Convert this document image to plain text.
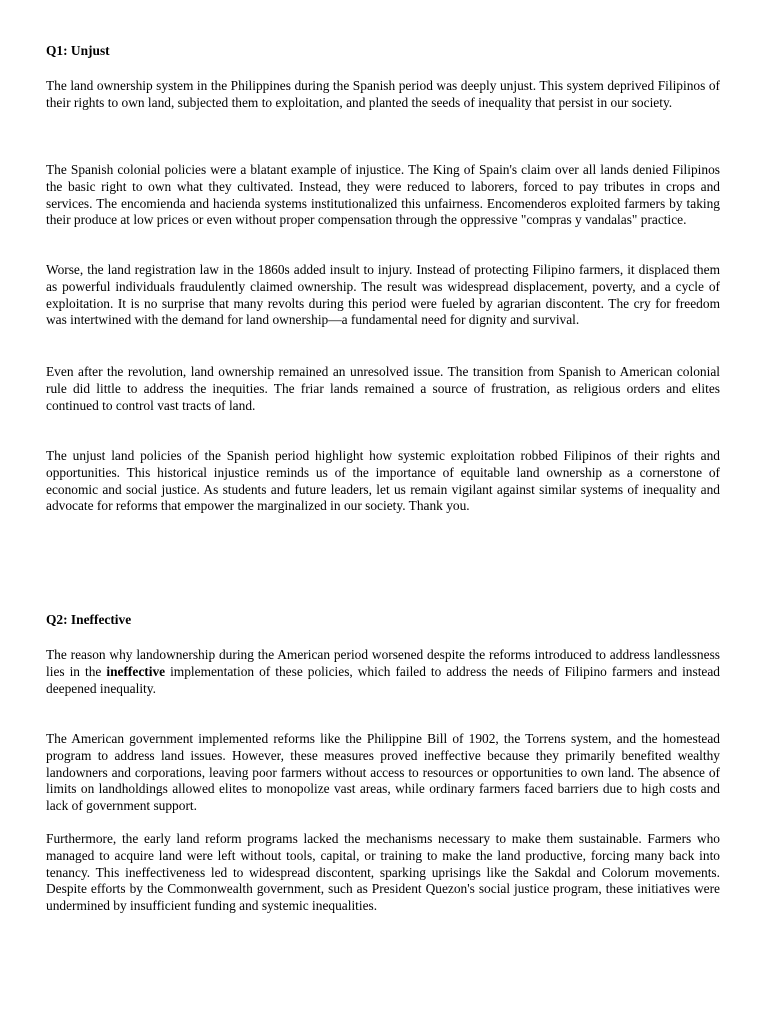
Q1: Unjust

The land ownership system in the Philippines during the Spanish period was deeply unjust. This system deprived Filipinos of their rights to own land, subjected them to exploitation, and planted the seeds of inequality that persist in our society.

The Spanish colonial policies were a blatant example of injustice. The King of Spain's claim over all lands denied Filipinos the basic right to own what they cultivated. Instead, they were reduced to laborers, forced to pay tributes in crops and services. The encomienda and hacienda systems institutionalized this unfairness. Encomenderos exploited farmers by taking their produce at low prices or even without proper compensation through the oppressive "compras y vandalas" practice.

Worse, the land registration law in the 1860s added insult to injury. Instead of protecting Filipino farmers, it displaced them as powerful individuals fraudulently claimed ownership. The result was widespread displacement, poverty, and a cycle of exploitation. It is no surprise that many revolts during this period were fueled by agrarian discontent. The cry for freedom was intertwined with the demand for land ownership—a fundamental need for dignity and survival.

Even after the revolution, land ownership remained an unresolved issue. The transition from Spanish to American colonial rule did little to address the inequities. The friar lands remained a source of frustration, as religious orders and elites continued to control vast tracts of land.

The unjust land policies of the Spanish period highlight how systemic exploitation robbed Filipinos of their rights and opportunities. This historical injustice reminds us of the importance of equitable land ownership as a cornerstone of economic and social justice. As students and future leaders, let us remain vigilant against similar systems of inequality and advocate for reforms that empower the marginalized in our society. Thank you.

Q2: Ineffective

The reason why landownership during the American period worsened despite the reforms introduced to address landlessness lies in the ineffective implementation of these policies, which failed to address the needs of Filipino farmers and instead deepened inequality.

The American government implemented reforms like the Philippine Bill of 1902, the Torrens system, and the homestead program to address land issues. However, these measures proved ineffective because they primarily benefited wealthy landowners and corporations, leaving poor farmers without access to resources or opportunities to own land. The absence of limits on landholdings allowed elites to monopolize vast areas, while ordinary farmers faced barriers due to high costs and lack of government support.

Furthermore, the early land reform programs lacked the mechanisms necessary to make them sustainable. Farmers who managed to acquire land were left without tools, capital, or training to make the land productive, forcing many back into tenancy. This ineffectiveness led to widespread discontent, sparking uprisings like the Sakdal and Colorum movements. Despite efforts by the Commonwealth government, such as President Quezon's social justice program, these initiatives were undermined by insufficient funding and systemic inequalities.
